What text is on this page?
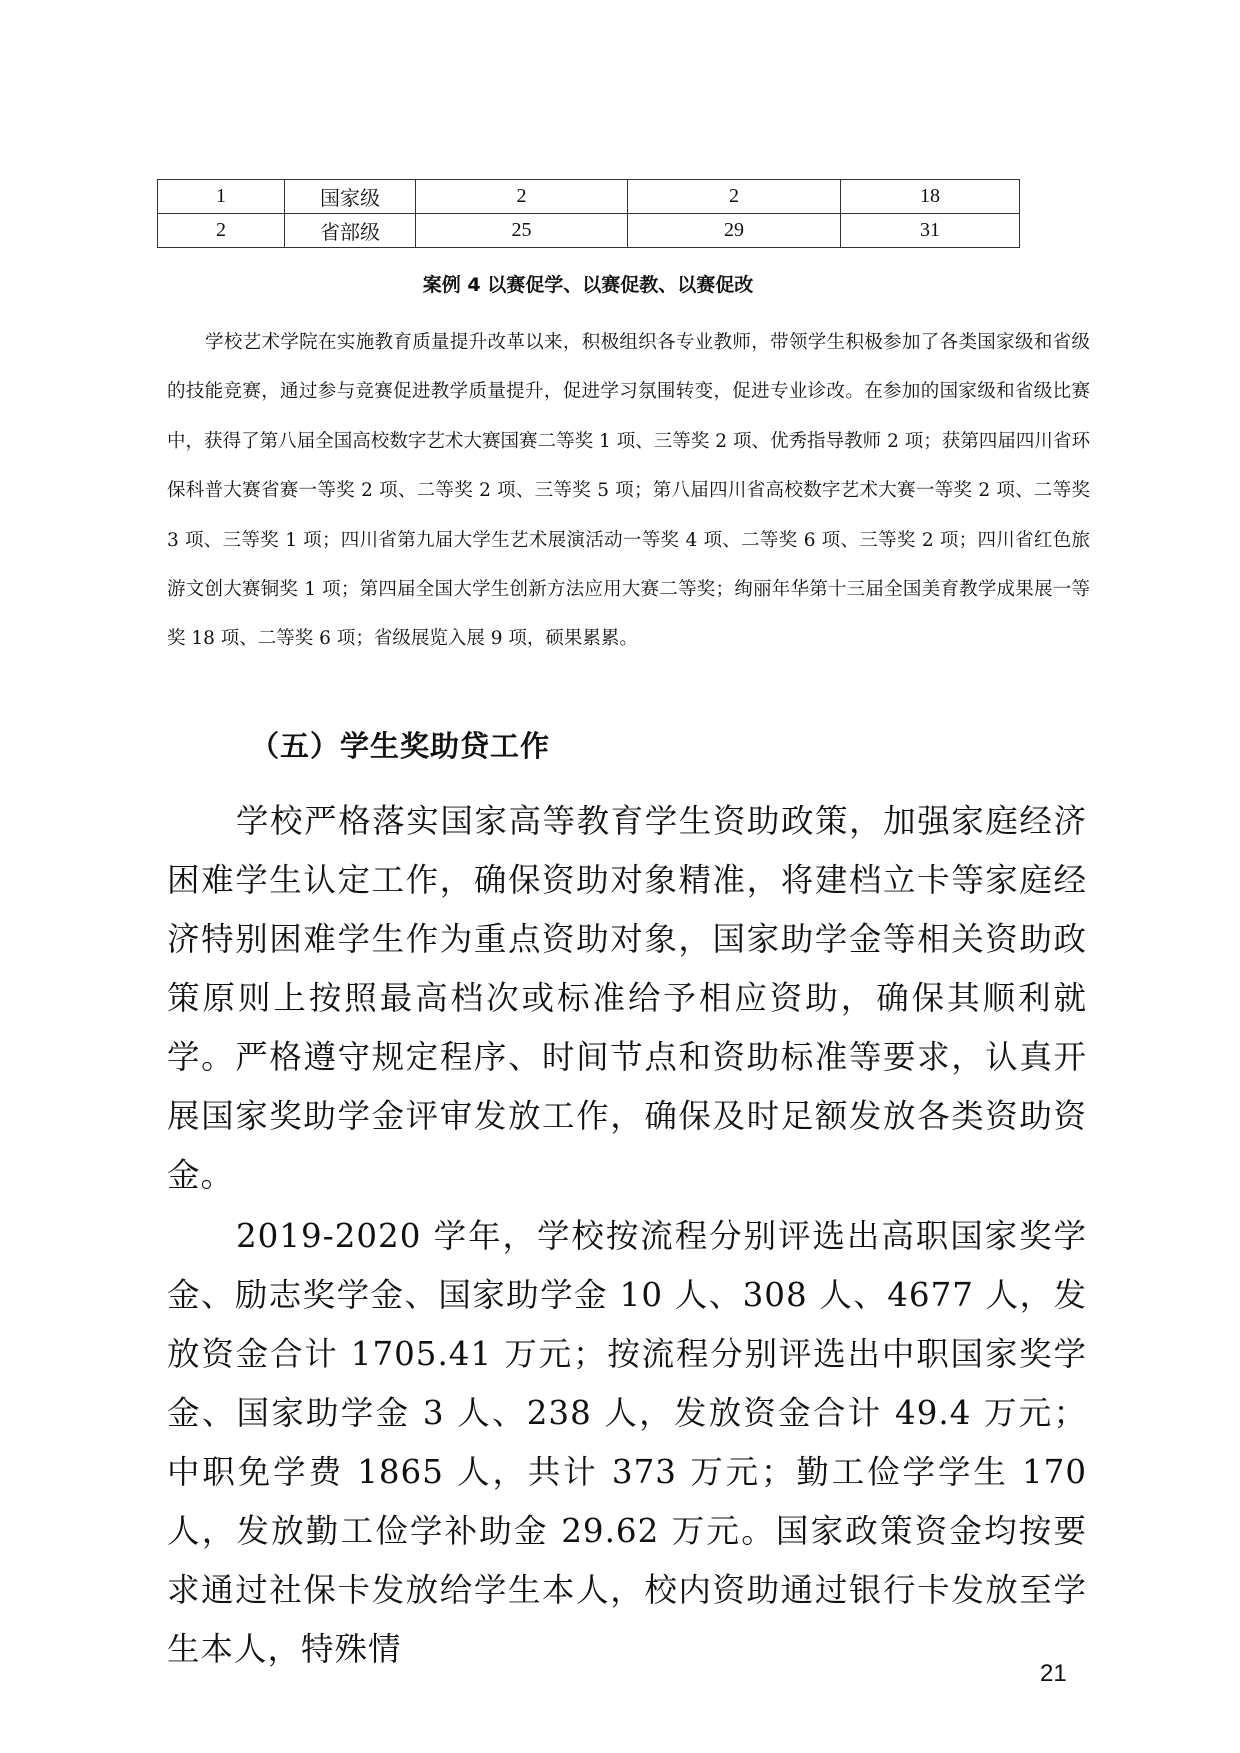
1	国家级	2	2	18
2	省部级	25	29	31
案例 4 以赛促学、以赛促教、以赛促改

学校艺术学院在实施教育质量提升改革以来，积极组织各专业教师，带领学生积极参加了各类国家级和省级的技能竞赛，通过参与竞赛促进教学质量提升，促进学习氛围转变，促进专业诊改。在参加的国家级和省级比赛中，获得了第八届全国高校数字艺术大赛国赛二等奖 1 项、三等奖 2 项、优秀指导教师 2 项；获第四届四川省环保科普大赛省赛一等奖 2 项、二等奖 2 项、三等奖 5 项；第八届四川省高校数字艺术大赛一等奖 2 项、二等奖 3 项、三等奖 1 项；四川省第九届大学生艺术展演活动一等奖 4 项、二等奖 6 项、三等奖 2 项；四川省红色旅游文创大赛铜奖 1 项；第四届全国大学生创新方法应用大赛二等奖；绚丽年华第十三届全国美育教学成果展一等奖 18 项、二等奖 6 项；省级展览入展 9 项，硕果累累。

（五）学生奖助贷工作

学校严格落实国家高等教育学生资助政策，加强家庭经济困难学生认定工作，确保资助对象精准，将建档立卡等家庭经济特别困难学生作为重点资助对象，国家助学金等相关资助政策原则上按照最高档次或标准给予相应资助，确保其顺利就学。严格遵守规定程序、时间节点和资助标准等要求，认真开展国家奖助学金评审发放工作，确保及时足额发放各类资助资金。

2019-2020 学年，学校按流程分别评选出高职国家奖学金、励志奖学金、国家助学金 10 人、308 人、4677 人，发放资金合计 1705.41 万元；按流程分别评选出中职国家奖学金、国家助学金 3 人、238 人，发放资金合计 49.4 万元；中职免学费 1865 人，共计 373 万元；勤工俭学学生 170 人，发放勤工俭学补助金 29.62 万元。国家政策资金均按要求通过社保卡发放给学生本人，校内资助通过银行卡发放至学生本人，特殊情

21
